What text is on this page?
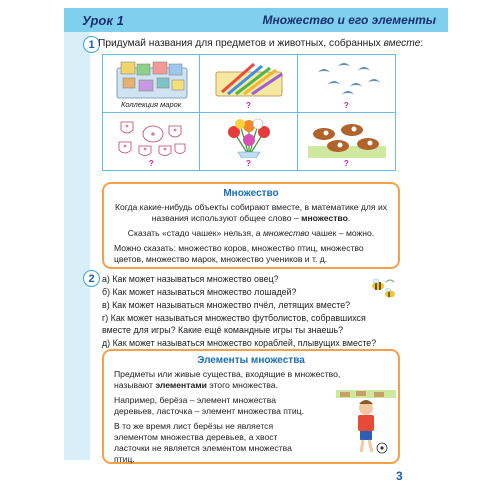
Урок 1	Множество и его элементы
1 Придумай названия для предметов и животных, собранных вместе:
Коллекция марок	?	?
?	?	?
Множество
Когда какие-нибудь объекты собирают вместе, в математике для их названия используют общее слово – множество.
Сказать «стадо чашек» нельзя, а множество чашек – можно.
Можно сказать: множество коров, множество птиц, множество цветов, множество марок, множество учеников и т. д.
2 а) Как может называться множество овец?
б) Как может называться множество лошадей?
в) Как может называться множество пчёл, летящих вместе?
г) Как может называться множество футболистов, собравшихся
вместе для игры? Какие ещё командные игры ты знаешь?
д) Как может называться множество кораблей, плывущих вместе?
Элементы множества
Предметы или живые существа, входящие в множество, называют элементами этого множества.
Например, берёза – элемент множества деревьев, ласточка – элемент множества птиц.
В то же время лист берёзы не является элементом множества деревьев, а хвост ласточки не является элементом множества птиц.
3
